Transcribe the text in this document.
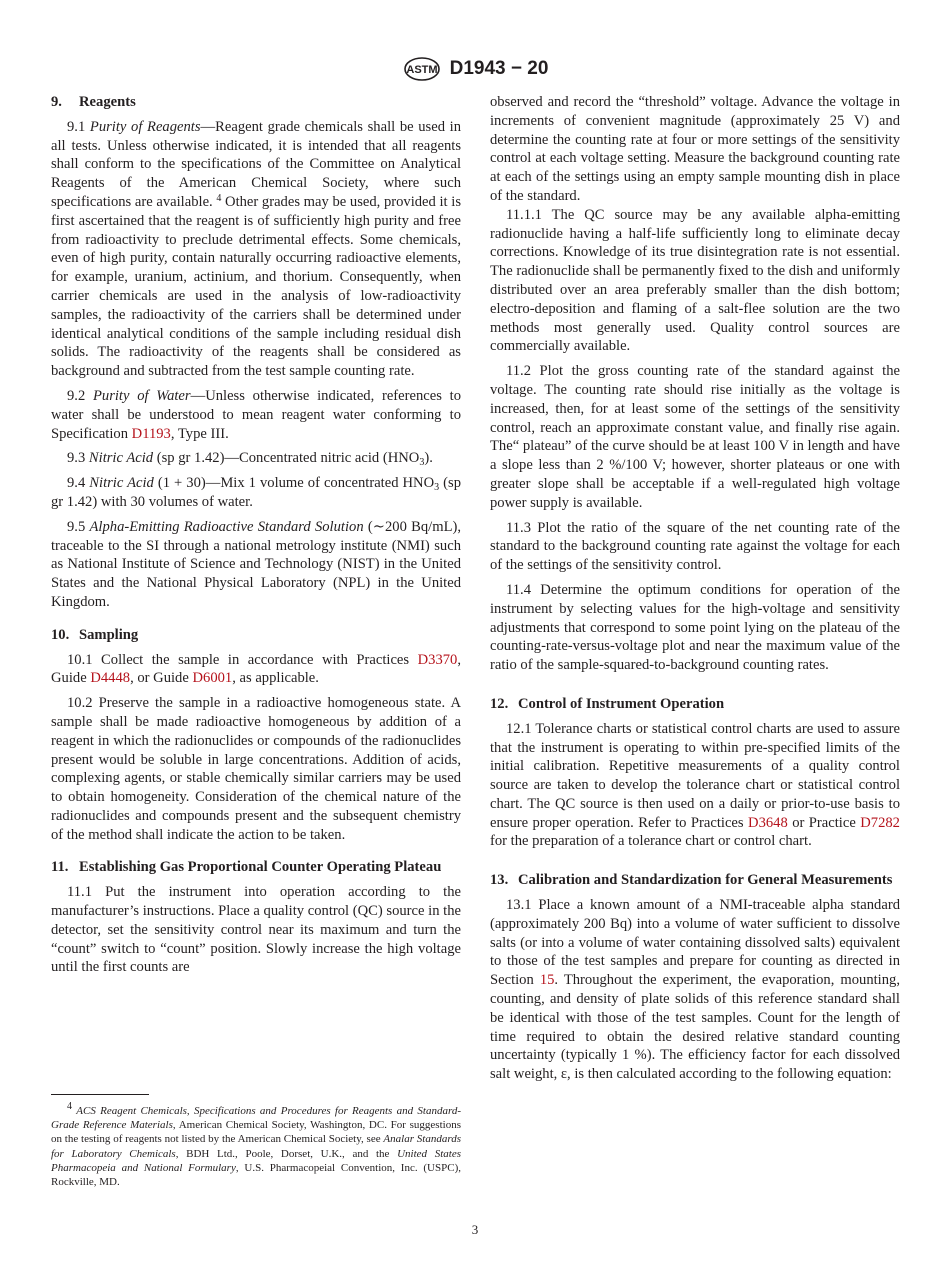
ASTM D1943 − 20
9. Reagents

9.1 Purity of Reagents—Reagent grade chemicals shall be used in all tests. Unless otherwise indicated, it is intended that all reagents shall conform to the specifications of the Committee on Analytical Reagents of the American Chemical Society, where such specifications are available. $^4$ Other grades may be used, provided it is first ascertained that the reagent is of sufficiently high purity and free from radioactivity to preclude detrimental effects. Some chemicals, even of high purity, contain naturally occurring radioactive elements, for example, uranium, actinium, and thorium. Consequently, when carrier chemicals are used in the analysis of low-radioactivity samples, the radioactivity of the carriers shall be determined under identical analytical conditions of the sample including residual dish solids. The radioactivity of the reagents shall be considered as background and subtracted from the test sample counting rate.

9.2 Purity of Water—Unless otherwise indicated, references to water shall be understood to mean reagent water conforming to Specification D1193, Type III.

9.3 Nitric Acid (sp gr 1.42)—Concentrated nitric acid $(HNO_3)$.

9.4 Nitric Acid (1 + 30)—Mix 1 volume of concentrated $HNO_3$ (sp gr 1.42) with 30 volumes of water.

9.5 Alpha-Emitting Radioactive Standard Solution (∼200 Bq/mL), traceable to the SI through a national metrology institute (NMI) such as National Institute of Science and Technology (NIST) in the United States and the National Physical Laboratory (NPL) in the United Kingdom.

10. Sampling

10.1 Collect the sample in accordance with Practices D3370, Guide D4448, or Guide D6001, as applicable.

10.2 Preserve the sample in a radioactive homogeneous state. A sample shall be made radioactive homogeneous by addition of a reagent in which the radionuclides or compounds of the radionuclides present would be soluble in large concentrations. Addition of acids, complexing agents, or stable chemically similar carriers may be used to obtain homogeneity. Consideration of the chemical nature of the radionuclides and compounds present and the subsequent chemistry of the method shall indicate the action to be taken.

11. Establishing Gas Proportional Counter Operating Plateau

11.1 Put the instrument into operation according to the manufacturer’s instructions. Place a quality control (QC) source in the detector, set the sensitivity control near its maximum and turn the “count” switch to “count” position. Slowly increase the high voltage until the first counts are

$^4$ ACS Reagent Chemicals, Specifications and Procedures for Reagents and Standard-Grade Reference Materials, American Chemical Society, Washington, DC. For suggestions on the testing of reagents not listed by the American Chemical Society, see Analar Standards for Laboratory Chemicals, BDH Ltd., Poole, Dorset, U.K., and the United States Pharmacopeia and National Formulary, U.S. Pharmacopeial Convention, Inc. (USPC), Rockville, MD.

observed and record the “threshold” voltage. Advance the voltage in increments of convenient magnitude (approximately 25 V) and determine the counting rate at four or more settings of the sensitivity control at each voltage setting. Measure the background counting rate at each of the settings using an empty sample mounting dish in place of the standard.

11.1.1 The QC source may be any available alpha-emitting radionuclide having a half-life sufficiently long to eliminate decay corrections. Knowledge of its true disintegration rate is not essential. The radionuclide shall be permanently fixed to the dish and uniformly distributed over an area preferably smaller than the dish bottom; electro-deposition and flaming of a salt-flee solution are the two methods most generally used. Quality control sources are commercially available.

11.2 Plot the gross counting rate of the standard against the voltage. The counting rate should rise initially as the voltage is increased, then, for at least some of the settings of the sensitivity control, reach an approximate constant value, and finally rise again. The“ plateau” of the curve should be at least 100 V in length and have a slope less than 2 %/100 V; however, shorter plateaus or one with greater slope shall be acceptable if a well-regulated high voltage power supply is available.

11.3 Plot the ratio of the square of the net counting rate of the standard to the background counting rate against the voltage for each of the settings of the sensitivity control.

11.4 Determine the optimum conditions for operation of the instrument by selecting values for the high-voltage and sensitivity adjustments that correspond to some point lying on the plateau of the counting-rate-versus-voltage plot and near the maximum value of the ratio of the sample-squared-to-background counting rates.

12. Control of Instrument Operation

12.1 Tolerance charts or statistical control charts are used to assure that the instrument is operating to within pre-specified limits of the initial calibration. Repetitive measurements of a quality control source are taken to develop the tolerance chart or statistical control chart. The QC source is then used on a daily or prior-to-use basis to ensure proper operation. Refer to Practices D3648 or Practice D7282 for the preparation of a tolerance chart or control chart.

13. Calibration and Standardization for General Measurements

13.1 Place a known amount of a NMI-traceable alpha standard (approximately 200 Bq) into a volume of water sufficient to dissolve salts (or into a volume of water containing dissolved salts) equivalent to those of the test samples and prepare for counting as directed in Section 15. Throughout the experiment, the evaporation, mounting, counting, and density of plate solids of this reference standard shall be identical with those of the test samples. Count for the length of time required to obtain the desired relative standard counting uncertainty (typically 1 %). The efficiency factor for each dissolved salt weight, ε, is then calculated according to the following equation:

3
